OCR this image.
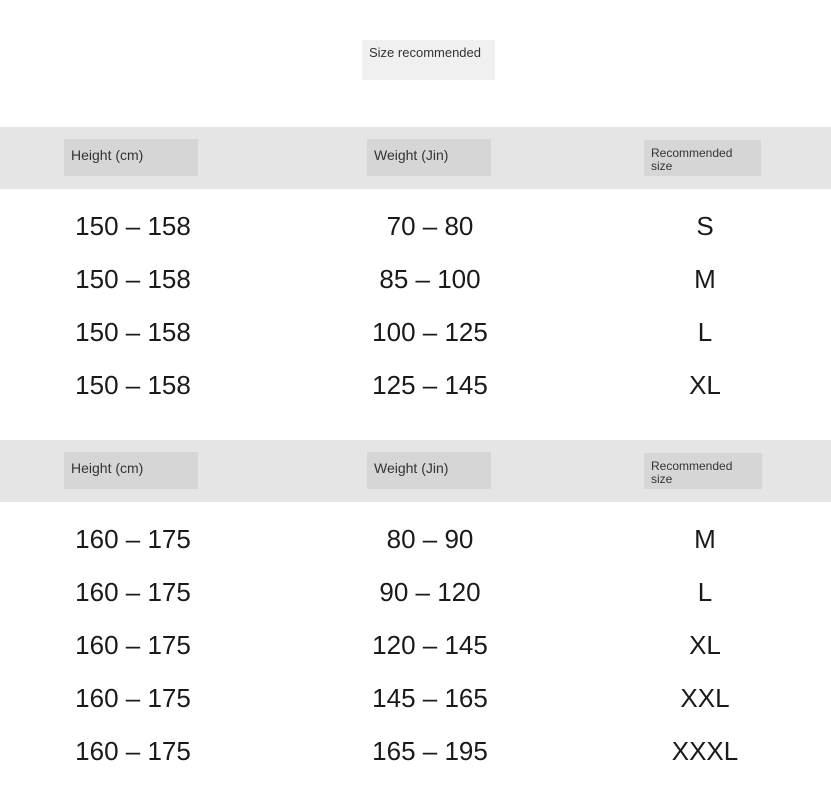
Size recommended
Height (cm)	Weight (Jin)	Recommended
size
150 – 158	70 – 80	S
150 – 158	85 – 100	M
150 – 158	100 – 125	L
150 – 158	125 – 145	XL
Height (cm)	Weight (Jin)	Recommended
size
160 – 175	80 – 90	M
160 – 175	90 – 120	L
160 – 175	120 – 145	XL
160 – 175	145 – 165	XXL
160 – 175	165 – 195	XXXL
